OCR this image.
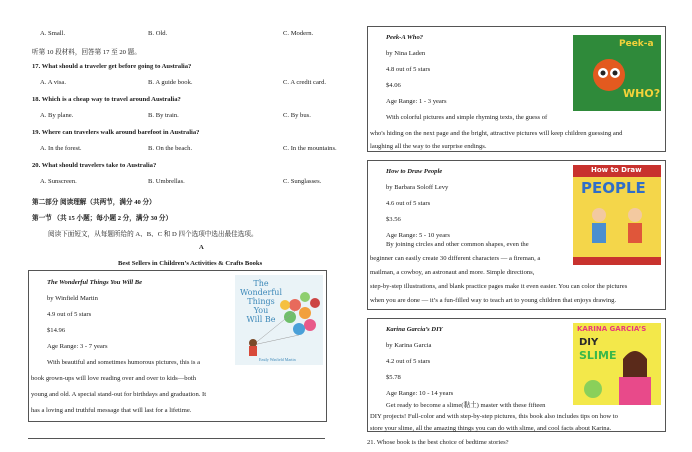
A. Small.	B. Old.	C. Modern.
听第 10 段材料，回答第 17 至 20 题。
17. What should a traveler get before going to Australia?
A. A visa.	B. A guide book.	C. A credit card.
18. Which is a cheap way to travel around Australia?
A. By plane.	B. By train.	C. By bus.
19. Where can travelers walk around barefoot in Australia?
A. In the forest.	B. On the beach.	C. In the mountains.
20. What should travelers take to Australia?
A. Sunscreen.	B. Umbrellas.	C. Sunglasses.
第二部分 阅读理解（共两节，满分 40 分）
第一节 （共 15 小题；每小题 2 分，满分 30 分）
阅读下面短文，从每题所给的 A、B、C 和 D 四个选项中选出最佳选项。
A
Best Sellers in Children’s Activities & Crafts Books
The Wonderful Things You Will Be
by Winfield Martin
4.9 out of 5 stars
$14.96
Age Range: 3 - 7 years
With beautiful and sometimes humorous pictures, this is a
book grown-ups will love reading over and over to kids—both
young and old. A special stand-out for birthdays and graduation. It
has a loving and truthful message that will last for a lifetime.
The
Wonderful
Things
You
Will Be
Emily Winfield Martin
Peek-A Who?
by Nina Laden
4.8 out of 5 stars
$4.06
Age Range: 1 - 3 years
With colorful pictures and simple rhyming texts, the guess of
who's hiding on the next page and the bright, attractive pictures will keep children guessing and
laughing all the way to the surprise endings.
Peek-a
WHO?
How to Draw People
by Barbara Soloff Levy
4.6 out of 5 stars
$3.56
Age Range: 5 - 10 years
By joining circles and other common shapes, even the
beginner can easily create 30 different characters — a fireman, a
mailman, a cowboy, an astronaut and more. Simple directions,
step-by-step illustrations, and blank practice pages make it even easier. You can color the pictures
when you are done — it’s a fun-filled way to teach art to young children that enjoys drawing.
How to Draw
PEOPLE
Karina Garcia’s DIY
by Karina Garcia
4.2 out of 5 stars
$5.78
Age Range: 10 - 14 years
Get ready to become a slime(黏土) master with these fifteen
DIY projects! Full-color and with step-by-step pictures, this book also includes tips on how to
store your slime, all the amazing things you can do with slime, and cool facts about Karina.
KARINA GARCIA’S
DIY
SLIME
21. Whose book is the best choice of bedtime stories?
